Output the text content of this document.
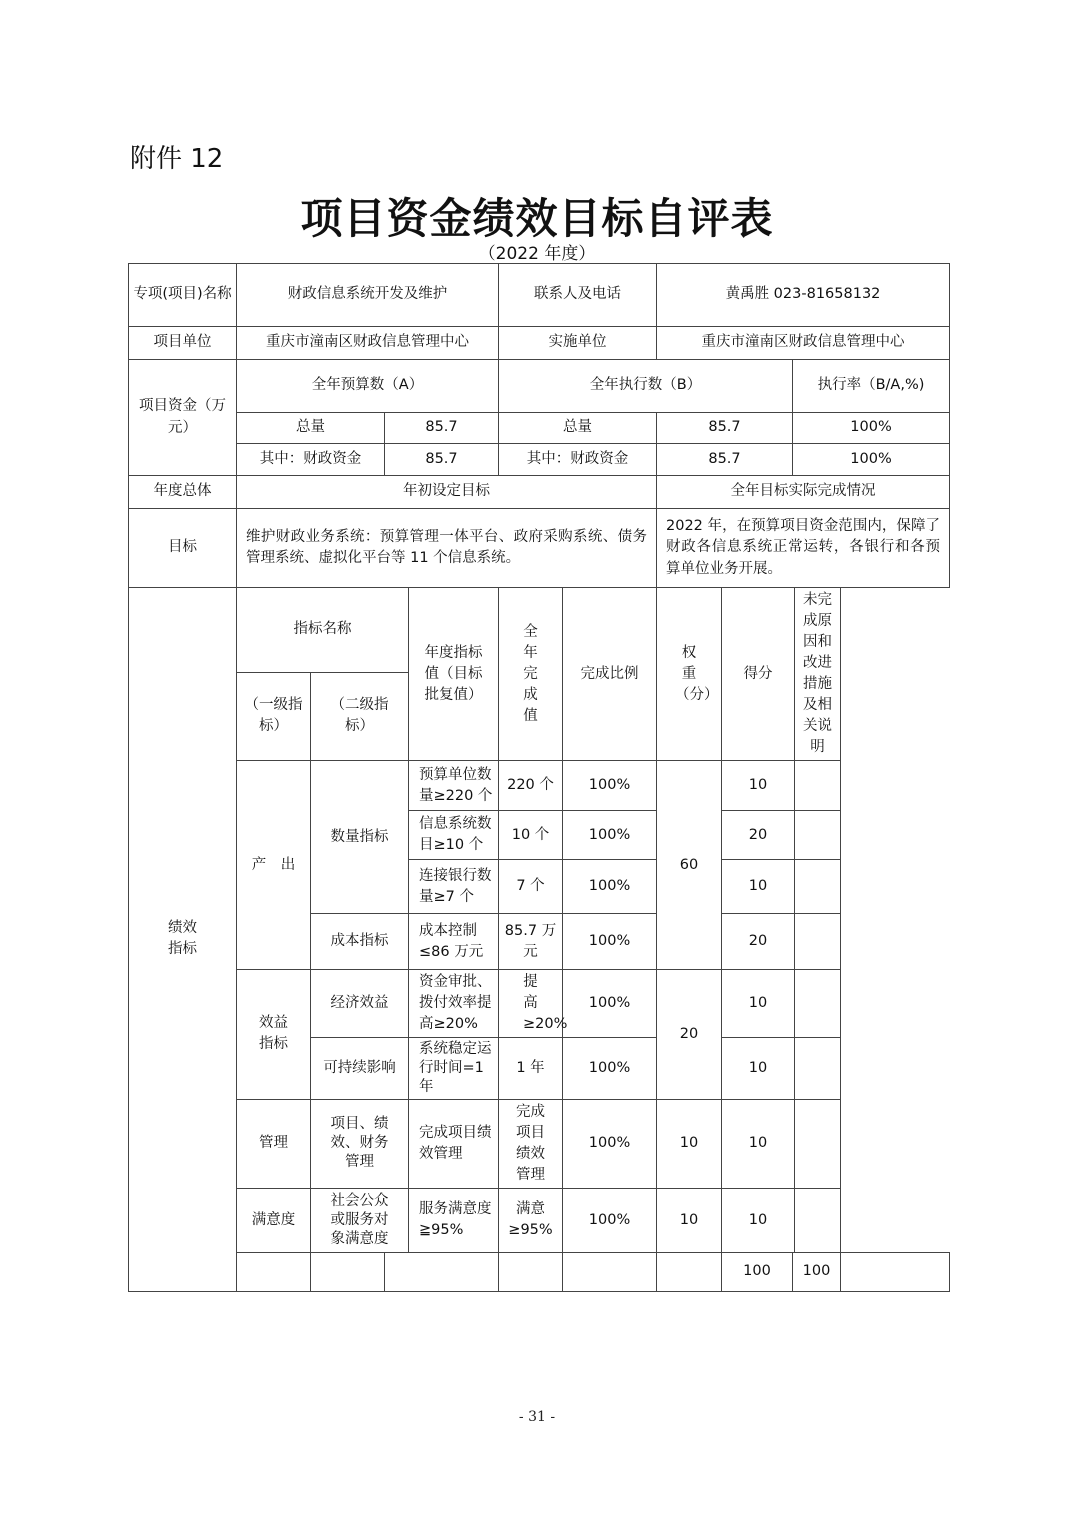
附件 12
项目资金绩效目标自评表
（2022 年度）
专项(项目)名称	财政信息系统开发及维护				联系人及电话		黄禹胜 023-81658132				
项目单位	重庆市潼南区财政信息管理中心				实施单位		重庆市潼南区财政信息管理中心				
项目资金（万元）	全年预算数（A）				全年执行数（B）				执行率（B/A,%)		
	总量		85.7		总量		85.7		100%		
	其中：财政资金		85.7		其中：财政资金		85.7		100%		
年度总体	年初设定目标						全年目标实际完成情况				
目标	维护财政业务系统：预算管理一体平台、政府采购系统、债务管理系统、虚拟化平台等 11 个信息系统。						2022 年，在预算项目资金范围内，保障了财政各信息系统正常运转，各银行和各预算单位业务开展。				
绩效指标	指标名称			年度指标值（目标批复值）	全年完成值	完成比例	权重（分）	得分		未完成原因和改进措施及相关说明	
	（一级指标）	（二级指标）									
	产　出	数量指标		预算单位数量≥220 个	220 个	100%	60	10			
				信息系统数目≥10 个	10 个	100%		20			
				连接银行数量≥7 个	7 个	100%		10			
		成本指标		成本控制≤86 万元	85.7 万元	100%		20			
	效益指标	经济效益		资金审批、拨付效率提高≥20%	提高≥20%	100%	20	10			
		可持续影响		系统稳定运行时间=1 年	1 年	100%		10			
	管理	项目、绩效、财务管理		完成项目绩效管理	完成项目绩效管理	100%	10	10			
	满意度	社会公众或服务对象满意度		服务满意度≧95%	满意≥95%	100%	10	10			
								100	100		
- 31 -
